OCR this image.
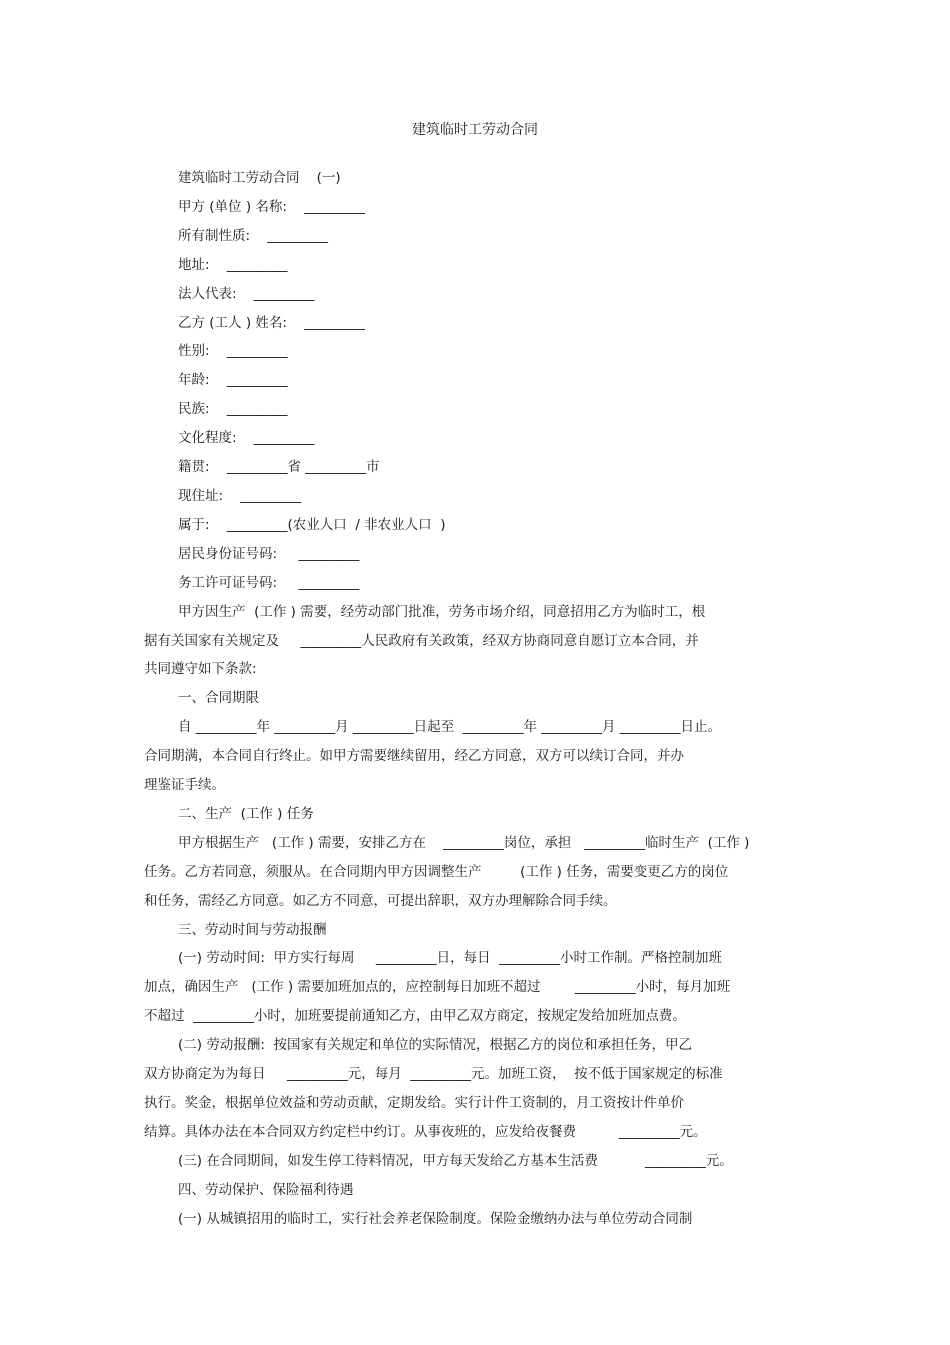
建筑临时工劳动合同
建筑临时工劳动合同    (一)
甲方 (单位 ) 名称:    _________
所有制性质:    _________
地址:    _________
法人代表:    _________
乙方 (工人 ) 姓名:    _________
性别:    _________
年龄:    _________
民族:    _________
文化程度:    _________
籍贯:    _________省 _________市
现住址:    _________
属于:    _________(农业人口  / 非农业人口  )
居民身份证号码:     _________
务工许可证号码:     _________
甲方因生产  (工作 ) 需要，经劳动部门批准，劳务市场介绍，同意招用乙方为临时工，根
据有关国家有关规定及     _________人民政府有关政策，经双方协商同意自愿订立本合同，并
共同遵守如下条款:
一、合同期限
自 _________年 _________月 _________日起至  _________年 _________月 _________日止。
合同期满，本合同自行终止。如甲方需要继续留用，经乙方同意，双方可以续订合同，并办
理鉴证手续。
二、生产  (工作 ) 任务
甲方根据生产   (工作 ) 需要，安排乙方在    _________岗位，承担   _________临时生产  (工作 )
任务。乙方若同意，须服从。在合同期内甲方因调整生产         (工作 ) 任务，需要变更乙方的岗位
和任务，需经乙方同意。如乙方不同意，可提出辞职，双方办理解除合同手续。
三、劳动时间与劳动报酬
(一) 劳动时间:  甲方实行每周     _________日，每日  _________小时工作制。严格控制加班
加点，确因生产   (工作 ) 需要加班加点的，应控制每日加班不超过        _________小时，每月加班
不超过  _________小时，加班要提前通知乙方，由甲乙双方商定，按规定发给加班加点费。
(二) 劳动报酬:  按国家有关规定和单位的实际情况，根据乙方的岗位和承担任务，甲乙
双方协商定为为每日     _________元，每月  _________元。加班工资，  按不低于国家规定的标准
执行。奖金，根据单位效益和劳动贡献，定期发给。实行计件工资制的，月工资按计件单价
结算。具体办法在本合同双方约定栏中约订。从事夜班的，应发给夜餐费          _________元。
(三) 在合同期间，如发生停工待料情况，甲方每天发给乙方基本生活费           _________元。
四、劳动保护、保险福利待遇
(一) 从城镇招用的临时工，实行社会养老保险制度。保险金缴纳办法与单位劳动合同制
